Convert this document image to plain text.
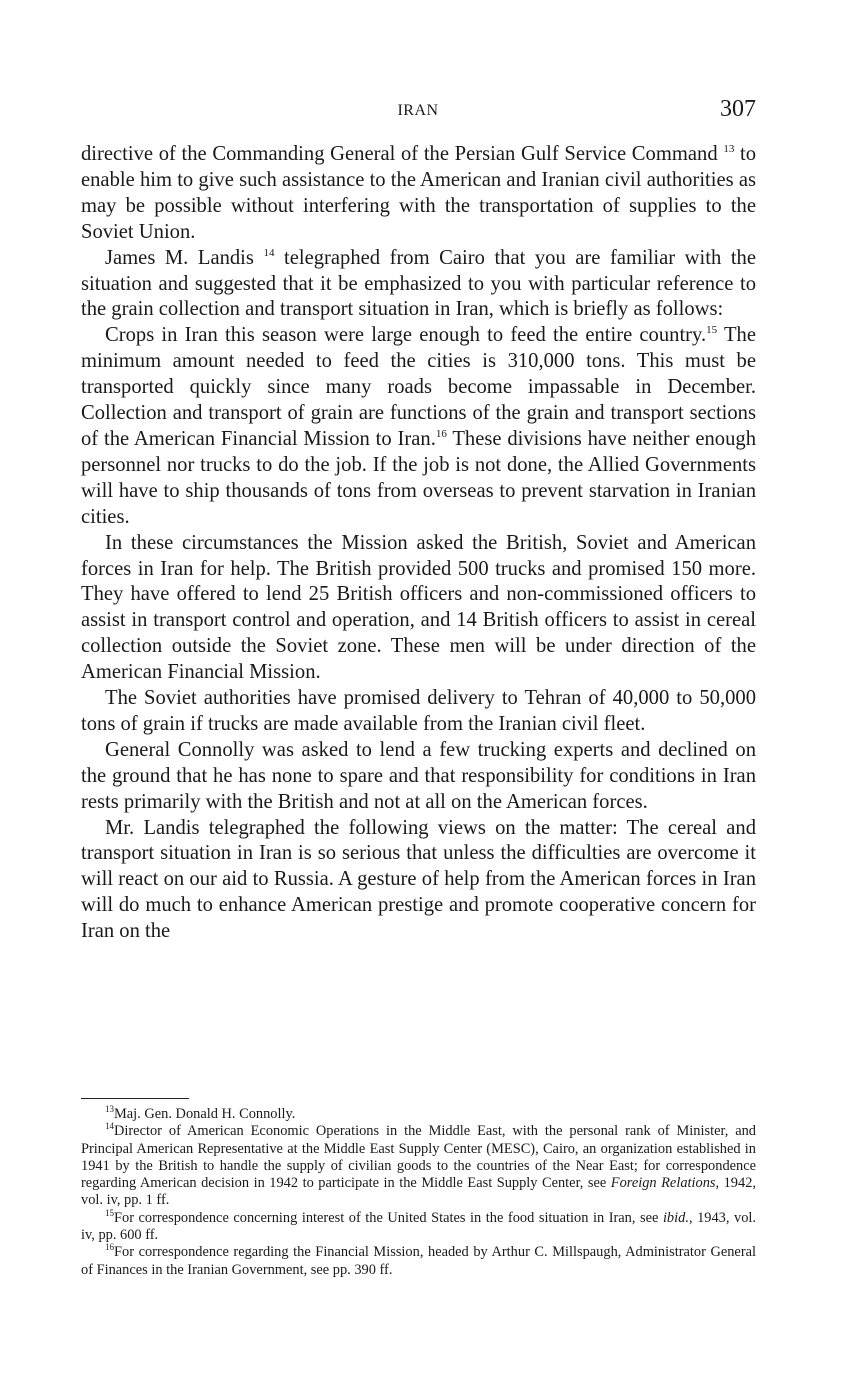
IRAN	307

directive of the Commanding General of the Persian Gulf Service Command $^{13}$ to enable him to give such assistance to the American and Iranian civil authorities as may be possible without interfering with the transportation of supplies to the Soviet Union.

James M. Landis $^{14}$ telegraphed from Cairo that you are familiar with the situation and suggested that it be emphasized to you with particular reference to the grain collection and transport situation in Iran, which is briefly as follows:

Crops in Iran this season were large enough to feed the entire country.$^{15}$ The minimum amount needed to feed the cities is 310,000 tons. This must be transported quickly since many roads become impassable in December. Collection and transport of grain are functions of the grain and transport sections of the American Financial Mission to Iran.$^{16}$ These divisions have neither enough personnel nor trucks to do the job. If the job is not done, the Allied Governments will have to ship thousands of tons from overseas to prevent starvation in Iranian cities.

In these circumstances the Mission asked the British, Soviet and American forces in Iran for help. The British provided 500 trucks and promised 150 more. They have offered to lend 25 British officers and non-commissioned officers to assist in transport control and operation, and 14 British officers to assist in cereal collection outside the Soviet zone. These men will be under direction of the American Financial Mission.

The Soviet authorities have promised delivery to Tehran of 40,000 to 50,000 tons of grain if trucks are made available from the Iranian civil fleet.

General Connolly was asked to lend a few trucking experts and declined on the ground that he has none to spare and that responsibility for conditions in Iran rests primarily with the British and not at all on the American forces.

Mr. Landis telegraphed the following views on the matter: The cereal and transport situation in Iran is so serious that unless the difficulties are overcome it will react on our aid to Russia. A gesture of help from the American forces in Iran will do much to enhance American prestige and promote cooperative concern for Iran on the

$^{13}$Maj. Gen. Donald H. Connolly.

$^{14}$Director of American Economic Operations in the Middle East, with the personal rank of Minister, and Principal American Representative at the Middle East Supply Center (MESC), Cairo, an organization established in 1941 by the British to handle the supply of civilian goods to the countries of the Near East; for correspondence regarding American decision in 1942 to participate in the Middle East Supply Center, see Foreign Relations, 1942, vol. iv, pp. 1 ff.

$^{15}$For correspondence concerning interest of the United States in the food situation in Iran, see ibid., 1943, vol. iv, pp. 600 ff.

$^{16}$For correspondence regarding the Financial Mission, headed by Arthur C. Millspaugh, Administrator General of Finances in the Iranian Government, see pp. 390 ff.
